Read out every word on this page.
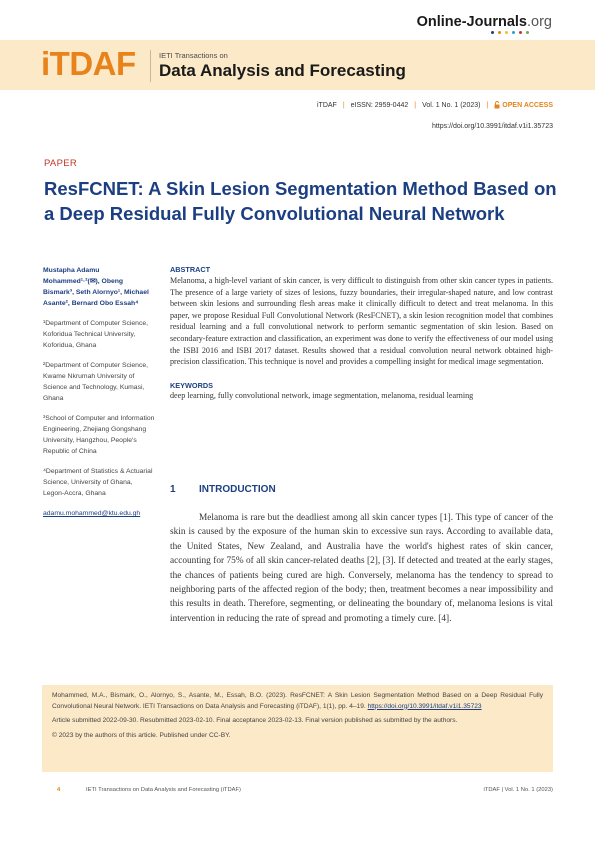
Online-Journals.org
iTDAF	IETI Transactions on
Data Analysis and Forecasting
iTDAF | eISSN: 2959-0442 | Vol. 1 No. 1 (2023) | OPEN ACCESS
https://doi.org/10.3991/itdaf.v1i1.35723
PAPER
ResFCNET: A Skin Lesion Segmentation Method Based on a Deep Residual Fully Convolutional Neural Network
Mustapha Adamu Mohammed¹·²(✉), Obeng Bismark³, Seth Alornyo¹, Michael Asante², Bernard Obo Essah⁴
¹Department of Computer Science, Koforidua Technical University, Koforidua, Ghana
²Department of Computer Science, Kwame Nkrumah University of Science and Technology, Kumasi, Ghana
³School of Computer and Information Engineering, Zhejiang Gongshang University, Hangzhou, People's Republic of China
⁴Department of Statistics & Actuarial Science, University of Ghana, Legon-Accra, Ghana
adamu.mohammed@ktu.edu.gh
ABSTRACT
Melanoma, a high-level variant of skin cancer, is very difficult to distinguish from other skin cancer types in patients. The presence of a large variety of sizes of lesions, fuzzy boundaries, their irregular-shaped nature, and low contrast between skin lesions and surrounding flesh areas make it clinically difficult to detect and treat melanoma. In this paper, we propose Residual Full Convolutional Network (ResFCNET), a skin lesion recognition model that combines residual learning and a full convolutional network to perform semantic segmentation of skin lesion. Based on secondary-feature extraction and classification, an experiment was done to verify the effectiveness of our model using the ISBI 2016 and ISBI 2017 dataset. Results showed that a residual convolution neural network obtained high-precision classification. This technique is novel and provides a compelling insight for medical image segmentation.
KEYWORDS
deep learning, fully convolutional network, image segmentation, melanoma, residual learning
1 INTRODUCTION
Melanoma is rare but the deadliest among all skin cancer types [1]. This type of cancer of the skin is caused by the exposure of the human skin to excessive sun rays. According to available data, the United States, New Zealand, and Australia have the world's highest rates of skin cancer, accounting for 75% of all skin cancer-related deaths [2], [3]. If detected and treated at the early stages, the chances of patients being cured are high. Conversely, melanoma has the tendency to spread to neighboring parts of the affected region of the body; then, treatment becomes a near impossibility and this results in death. Therefore, segmenting, or delineating the boundary of, melanoma lesions is vital intervention in reducing the rate of spread and promoting a timely cure. [4].

Mohammed, M.A., Bismark, O., Alornyo, S., Asante, M., Essah, B.O. (2023). ResFCNET: A Skin Lesion Segmentation Method Based on a Deep Residual Fully Convolutional Neural Network. IETI Transactions on Data Analysis and Forecasting (iTDAF), 1(1), pp. 4–19. https://doi.org/10.3991/itdaf.v1i1.35723

Article submitted 2022-09-30. Resubmitted 2023-02-10. Final acceptance 2023-02-13. Final version published as submitted by the authors.

© 2023 by the authors of this article. Published under CC-BY.

4	IETI Transactions on Data Analysis and Forecasting (iTDAF)	iTDAF | Vol. 1 No. 1 (2023)
